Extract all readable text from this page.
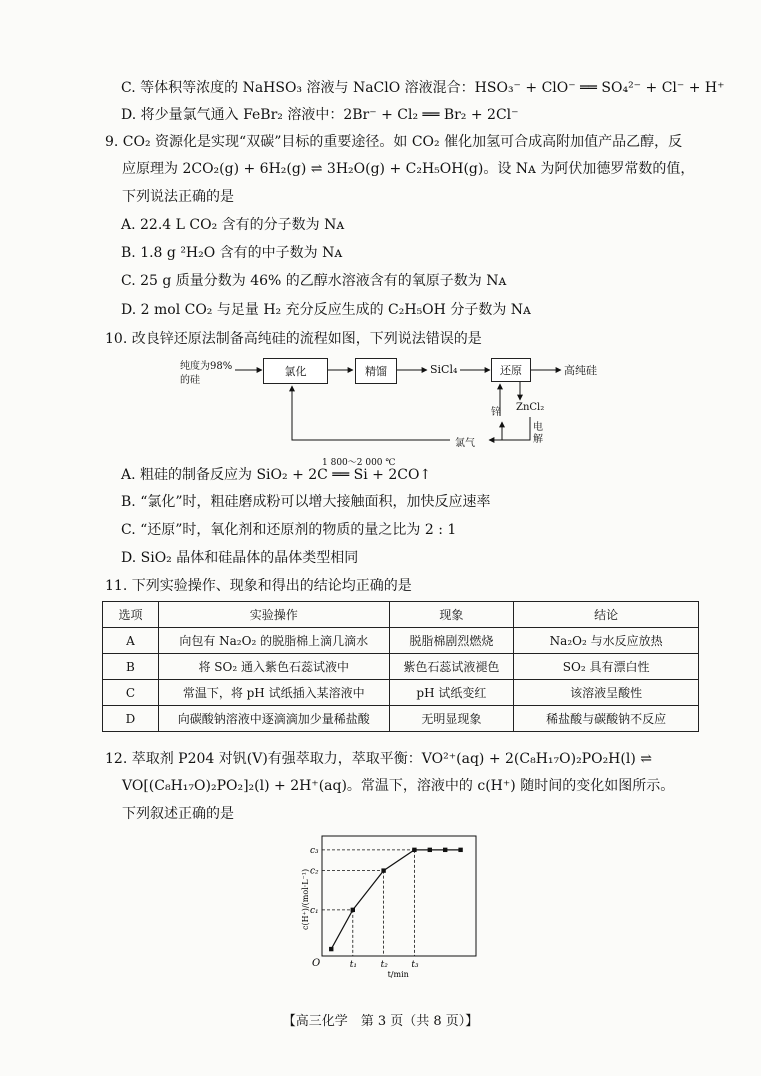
C. 等体积等浓度的 NaHSO₃ 溶液与 NaClO 溶液混合：HSO₃⁻ + ClO⁻ ══ SO₄²⁻ + Cl⁻ + H⁺
D. 将少量氯气通入 FeBr₂ 溶液中：2Br⁻ + Cl₂ ══ Br₂ + 2Cl⁻
9. CO₂ 资源化是实现“双碳”目标的重要途径。如 CO₂ 催化加氢可合成高附加值产品乙醇，反
应原理为 2CO₂(g) + 6H₂(g) ⇌ 3H₂O(g) + C₂H₅OH(g)。设 Nᴀ 为阿伏加德罗常数的值，
下列说法正确的是
A. 22.4 L CO₂ 含有的分子数为 Nᴀ
B. 1.8 g ²H₂O 含有的中子数为 Nᴀ
C. 25 g 质量分数为 46% 的乙醇水溶液含有的氧原子数为 Nᴀ
D. 2 mol CO₂ 与足量 H₂ 充分反应生成的 C₂H₅OH 分子数为 Nᴀ
10. 改良锌还原法制备高纯硅的流程如图，下列说法错误的是
纯度为98%
的硅
氯化	精馏	SiCl₄	还原	高纯硅
锌 ZnCl₂
电
解
氯气
1 800～2 000 ℃
A. 粗硅的制备反应为 SiO₂ + 2C ══ Si + 2CO↑
B. “氯化”时，粗硅磨成粉可以增大接触面积，加快反应速率
C. “还原”时，氧化剂和还原剂的物质的量之比为 2 : 1
D. SiO₂ 晶体和硅晶体的晶体类型相同
11. 下列实验操作、现象和得出的结论均正确的是
选项	实验操作	现象	结论
A	向包有 Na₂O₂ 的脱脂棉上滴几滴水	脱脂棉剧烈燃烧	Na₂O₂ 与水反应放热
B	将 SO₂ 通入紫色石蕊试液中	紫色石蕊试液褪色	SO₂ 具有漂白性
C	常温下，将 pH 试纸插入某溶液中	pH 试纸变红	该溶液呈酸性
D	向碳酸钠溶液中逐滴滴加少量稀盐酸	无明显现象	稀盐酸与碳酸钠不反应
12. 萃取剂 P204 对钒(V)有强萃取力，萃取平衡：VO²⁺(aq) + 2(C₈H₁₇O)₂PO₂H(l) ⇌
VO[(C₈H₁₇O)₂PO₂]₂(l) + 2H⁺(aq)。常温下，溶液中的 c(H⁺) 随时间的变化如图所示。
下列叙述正确的是
t₁
c₁
t₂
c₂
t₃
c₃
O
t/min
c(H⁺)/(mol·L⁻¹)
【高三化学　第 3 页（共 8 页）】
